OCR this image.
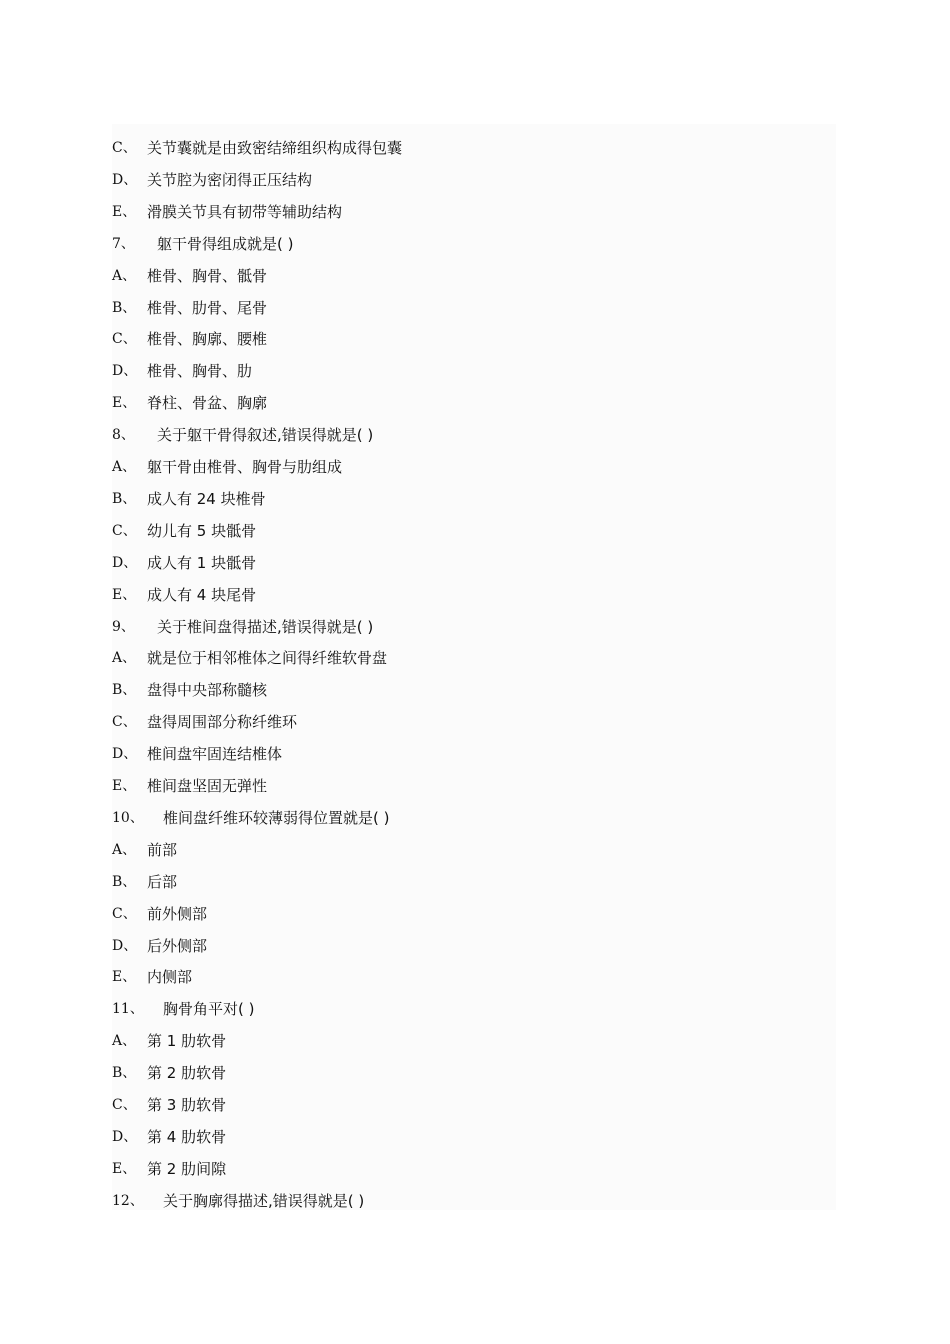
C、 关节囊就是由致密结缔组织构成得包囊
D、 关节腔为密闭得正压结构
E、 滑膜关节具有韧带等辅助结构
7、 躯干骨得组成就是( )
A、 椎骨、胸骨、骶骨
B、 椎骨、肋骨、尾骨
C、 椎骨、胸廓、腰椎
D、 椎骨、胸骨、肋
E、 脊柱、骨盆、胸廓
8、 关于躯干骨得叙述,错误得就是( )
A、 躯干骨由椎骨、胸骨与肋组成
B、 成人有 24 块椎骨
C、 幼儿有 5 块骶骨
D、 成人有 1 块骶骨
E、 成人有 4 块尾骨
9、 关于椎间盘得描述,错误得就是( )
A、 就是位于相邻椎体之间得纤维软骨盘
B、 盘得中央部称髓核
C、 盘得周围部分称纤维环
D、 椎间盘牢固连结椎体
E、 椎间盘坚固无弹性
10、 椎间盘纤维环较薄弱得位置就是( )
A、 前部
B、 后部
C、 前外侧部
D、 后外侧部
E、 内侧部
11、 胸骨角平对( )
A、 第 1 肋软骨
B、 第 2 肋软骨
C、 第 3 肋软骨
D、 第 4 肋软骨
E、 第 2 肋间隙
12、 关于胸廓得描述,错误得就是( )
